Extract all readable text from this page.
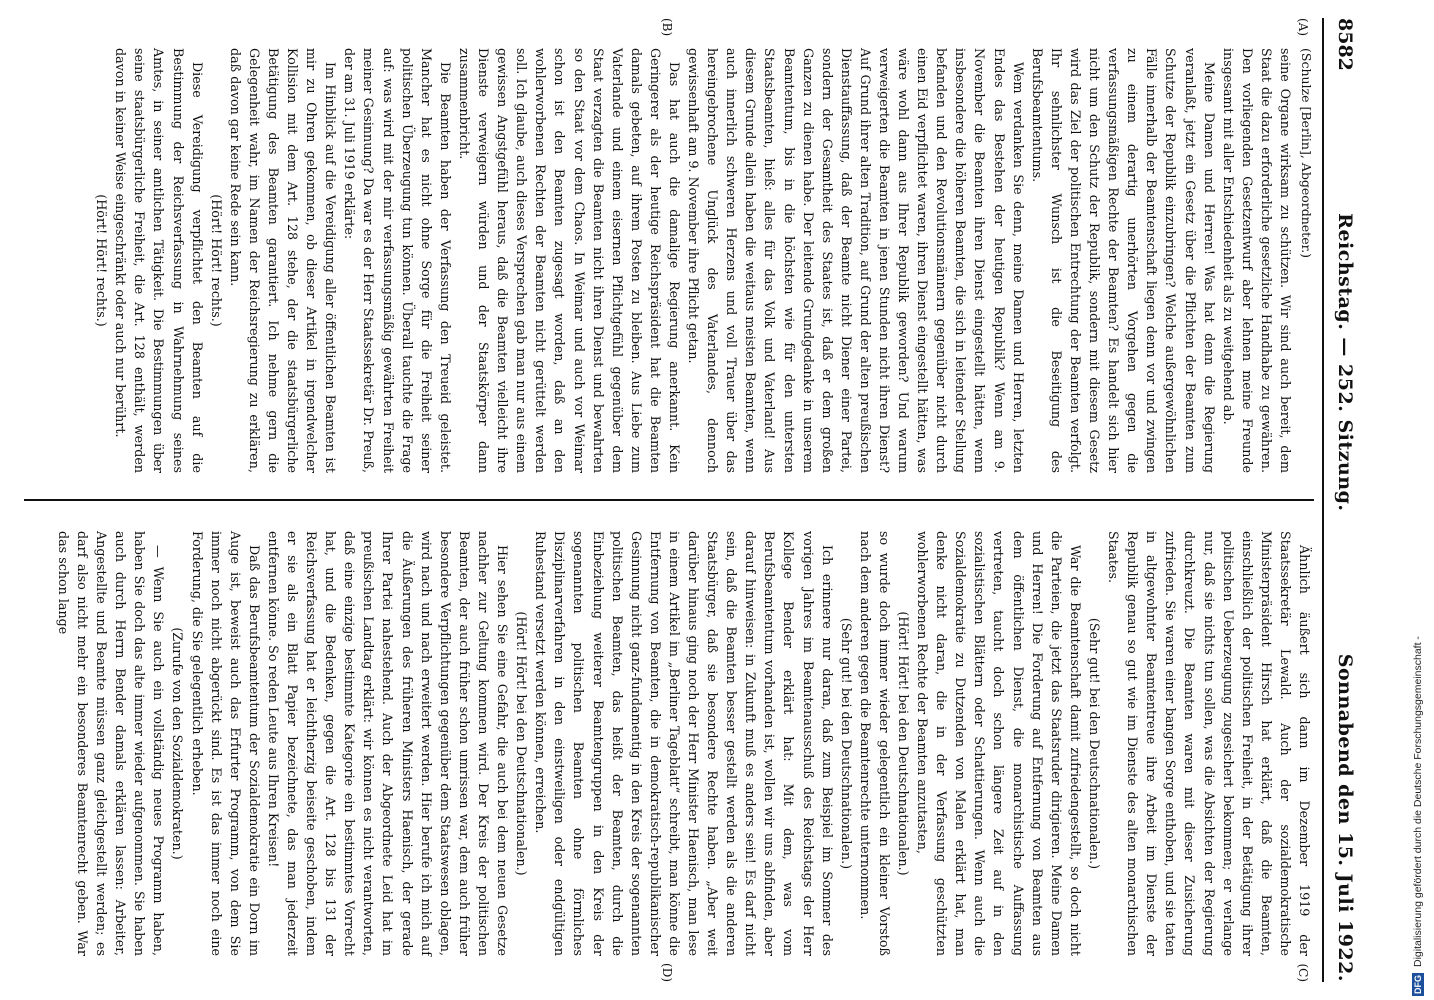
8582
Reichstag. — 252. Sitzung.
Sonnabend den 15. Juli 1922.
(A)
(B)

(Schulze [Berlin], Abgeordneter.)

seine Organe wirksam zu schützen. Wir sind auch bereit, dem Staat die dazu erforderliche gesetzliche Handhabe zu gewähren. Den vorliegenden Gesetzentwurf aber lehnen meine Freunde insgesamt mit aller Entschiedenheit als zu weitgehend ab.

Meine Damen und Herren! Was hat denn die Regierung veranlaßt, jetzt ein Gesetz über die Pflichten der Beamten zum Schutze der Republik einzubringen? Welche außergewöhnlichen Fälle innerhalb der Beamtenschaft liegen denn vor und zwingen zu einem derartig unerhörten Vorgehen gegen die verfassungsmäßigen Rechte der Beamten? Es handelt sich hier nicht um den Schutz der Republik, sondern mit diesem Gesetz wird das Ziel der politischen Entrechtung der Beamten verfolgt. Ihr sehnlichster Wunsch ist die Beseitigung des Berufsbeamtentums.

Wem verdanken Sie denn, meine Damen und Herren, letzten Endes das Bestehen der heutigen Republik? Wenn am 9. November die Beamten ihren Dienst eingestellt hätten, wenn insbesondere die höheren Beamten, die sich in leitender Stellung befanden und den Revolutionsmännern gegenüber nicht durch einen Eid verpflichtet waren, ihren Dienst eingestellt hätten, was wäre wohl dann aus Ihrer Republik geworden? Und warum verweigerten die Beamten in jenen Stunden nicht ihren Dienst? Auf Grund ihrer alten Tradition, auf Grund der alten preußischen Dienstauffassung, daß der Beamte nicht Diener einer Partei, sondern der Gesamtheit des Staates ist, daß er dem großen Ganzen zu dienen habe. Der leitende Grundgedanke in unserem Beamtentum, bis in die höchsten wie für den untersten Staatsbeamten, hieß: alles für das Volk und Vaterland! Aus diesem Grunde allein haben die weitaus meisten Beamten, wenn auch innerlich schweren Herzens und voll Trauer über das hereingebrochene Unglück des Vaterlandes, dennoch gewissenhaft am 9. November ihre Pflicht getan.

Das hat auch die damalige Regierung anerkannt. Kein Geringerer als der heutige Reichspräsident hat die Beamten damals gebeten, auf ihrem Posten zu bleiben. Aus Liebe zum Vaterlande und einem eisernen Pflichtgefühl gegenüber dem Staat verzagten die Beamten nicht ihren Dienst und bewahrten so den Staat vor dem Chaos. In Weimar und auch vor Weimar schon ist den Beamten zugesagt worden, daß an den wohlerworbenen Rechten der Beamten nicht gerüttelt werden soll. Ich glaube, auch dieses Versprechen gab man nur aus einem gewissen Angstgefühl heraus, daß die Beamten vielleicht ihre Dienste verweigern würden und der Staatskörper dann zusammenbricht.

Die Beamten haben der Verfassung den Treueid geleistet. Mancher hat es nicht ohne Sorge für die Freiheit seiner politischen Überzeugung tun können. Überall tauchte die Frage auf: was wird mit der mir verfassungsmäßig gewährten Freiheit meiner Gesinnung? Da war es der Herr Staatssekretär Dr. Preuß, der am 31. Juli 1919 erklärte:

Im Hinblick auf die Vereidigung aller öffentlichen Beamten ist mir zu Ohren gekommen, ob dieser Artikel in irgendwelcher Kollision mit dem Art. 128 stehe, der die staatsbürgerliche Betätigung des Beamten garantiert. Ich nehme gern die Gelegenheit wahr, im Namen der Reichsregierung zu erklären, daß davon gar keine Rede sein kann.

(Hört! Hört! rechts.)

Diese Vereidigung verpflichtet den Beamten auf die Bestimmung der Reichsverfassung in Wahrnehmung seines Amtes, in seiner amtlichen Tätigkeit. Die Bestimmungen über seine staatsbürgerliche Freiheit, die Art. 128 enthält, werden davon in keiner Weise eingeschränkt oder auch nur berührt.

(Hört! Hört! rechts.)

(C)
(D)

Ähnlich äußert sich dann im Dezember 1919 der Staatssekretär Lewald. Auch der sozialdemokratische Ministerpräsident Hirsch hat erklärt, daß die Beamten, einschließlich der politischen Freiheit, in der Betätigung ihrer politischen Ueberzeugung zugesichert bekommen; er verlange nur, daß sie nichts tun sollen, was die Absichten der Regierung durchkreuzt. Die Beamten waren mit dieser Zusicherung zufrieden. Sie waren einer bangen Sorge enthoben, und sie taten in altgewohnter Beamtentreue ihre Arbeit im Dienste der Republik genau so gut wie im Dienste des alten monarchischen Staates.

(Sehr gut! bei den Deutschnationalen.)

War die Beamtenschaft damit zufriedengestellt, so doch nicht die Parteien, die jetzt das Staatsruder dirigieren. Meine Damen und Herren! Die Forderung auf Entfernung von Beamten aus dem öffentlichen Dienst, die monarchistische Auffassung vertreten, taucht doch schon längere Zeit auf in den sozialistischen Blättern oder Schattierungen. Wenn auch die Sozialdemokratie zu Dutzenden von Malen erklärt hat, man denke nicht daran, die in der Verfassung geschützten wohlerworbenen Rechte der Beamten anzutasten,

(Hört! Hört! bei den Deutschnationalen.)

so wurde doch immer wieder gelegentlich ein kleiner Vorstoß nach dem anderen gegen die Beamtenrechte unternommen.

(Sehr gut! bei den Deutschnationalen.)

Ich erinnere nur daran, daß zum Beispiel im Sommer des vorigen Jahres im Beamtenausschuß des Reichstags der Herr Kollege Bender erklärt hat: Mit dem, was vom Berufsbeamtentum vorhanden ist, wollen wir uns abfinden, aber darauf hinweisen: in Zukunft muß es anders sein! Es darf nicht sein, daß die Beamten besser gestellt werden als die anderen Staatsbürger, daß sie besondere Rechte haben. „Aber weit darüber hinaus ging noch der Herr Minister Haenisch, man lese in einem Artikel im „Berliner Tageblatt“ schreibt, man könne die Entfernung von Beamten, die in demokratisch-republikanischer Gesinnung nicht ganz-fundamentig in den Kreis der sogenannten politischen Beamten, das heißt der Beamten, durch die Einbeziehung weiterer Beamtengruppen in den Kreis der sogenannten politischen Beamten ohne förmliches Disziplinarverfahren in den einstweiligen oder endgültigen Ruhestand versetzt werden können, erreichen.

(Hört! Hört! bei den Deutschnationalen.)

Hier sehen Sie eine Gefahr, die auch bei dem neuen Gesetze nachher zur Geltung kommen wird. Der Kreis der politischen Beamten, der auch früher schon umrissen war, dem auch früher besondere Verpflichtungen gegenüber dem Staatswesen oblagen, wird nach und nach erweitert werden. Hier berufe ich mich auf die Äußerungen des früheren Ministers Haenisch, der gerade Ihrer Partei nahestehend. Auch der Abgeordnete Leid hat im preußischen Landtag erklärt: wir können es nicht verantworten, daß eine einzige bestimmte Kategorie ein bestimmtes Vorrecht hat, und die Bedenken, gegen die Art. 128 bis 131 der Reichsverfassung hat er leichtherzig beiseite geschoben, indem er sie als ein Blatt Papier bezeichnete, das man jederzeit entfernen könne. So reden Leute aus Ihren Kreisen!

Daß das Berufsbeamtentum der Sozialdemokratie ein Dorn im Auge ist, beweist auch das Erfurter Programm, von dem Sie immer noch nicht abgerückt sind. Es ist das immer noch eine Forderung, die Sie gelegentlich erheben.

(Zurufe von den Sozialdemokraten.)

— Wenn Sie auch ein vollständig neues Programm haben, haben Sie doch das alte immer wieder aufgenommen. Sie haben auch durch Herrn Bender damals erklären lassen: Arbeiter, Angestellte und Beamte müssen ganz gleichgestellt werden; es darf also nicht mehr ein besonderes Beamtenrecht geben. War das schon lange

DFG
Digitalisierung gefördert durch die Deutsche Forschungsgemeinschaft -
